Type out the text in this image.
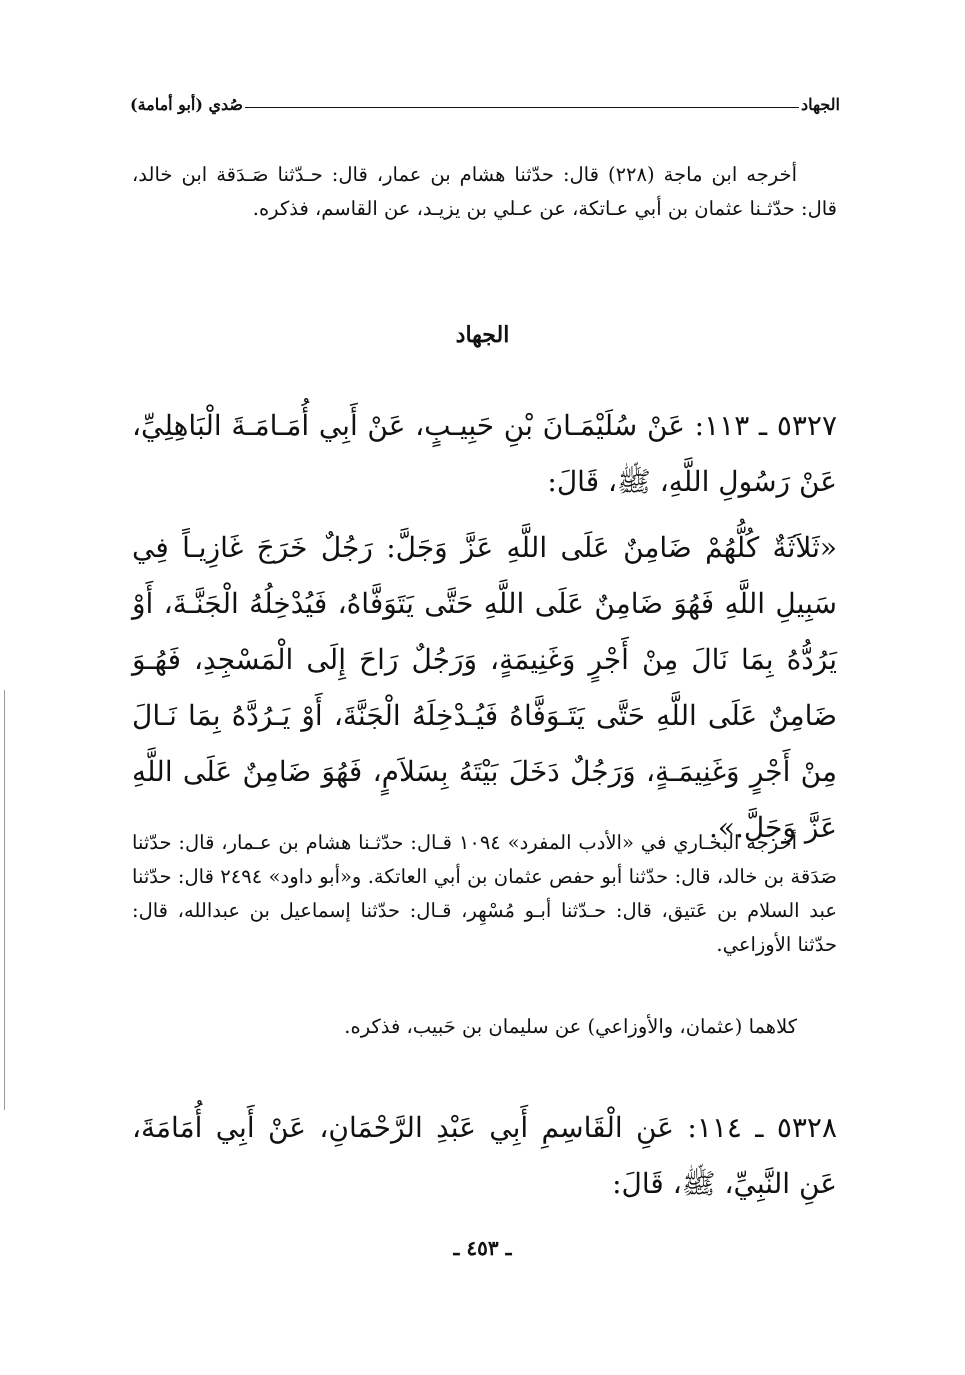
الجهاد
صُدي (أبو أمامة)

أخرجه ابن ماجة (٢٢٨) قال: حدّثنا هشام بن عمار، قال: حـدّثنا صَـدَقة ابن خالد، قال: حدّثـنا عثمان بن أبي عـاتكة، عن عـلي بن يزيـد، عن القاسم، فذكره.

الجهاد

٥٣٢٧ ـ ١١٣: عَنْ سُلَيْمَـانَ بْنِ حَبِيـبٍ، عَنْ أَبِي أُمَـامَـةَ الْبَاهِلِيِّ، عَنْ رَسُولِ اللَّهِ، ﷺ، قَالَ:

«ثَلاَثَةٌ كُلُّهُمْ ضَامِنٌ عَلَى اللَّهِ عَزَّ وَجَلَّ: رَجُلٌ خَرَجَ غَازِيـاً فِي سَبِيلِ اللَّهِ فَهُوَ ضَامِنٌ عَلَى اللَّهِ حَتَّى يَتَوَفَّاهُ، فَيُدْخِلُهُ الْجَنَّـةَ، أَوْ يَرُدُّهُ بِمَا نَالَ مِنْ أَجْرٍ وَغَنِيمَةٍ، وَرَجُلٌ رَاحَ إِلَى الْمَسْجِدِ، فَهُـوَ ضَامِنٌ عَلَى اللَّهِ حَتَّى يَتَـوَفَّاهُ فَيُـدْخِلَهُ الْجَنَّةَ، أَوْ يَـرُدَّهُ بِمَا نَـالَ مِنْ أَجْرٍ وَغَنِيمَـةٍ، وَرَجُلٌ دَخَلَ بَيْتَهُ بِسَلاَمٍ، فَهُوَ ضَامِنٌ عَلَى اللَّهِ عَزَّ وَجَلَّ.».

أخرجه البخـاري في «الأدب المفرد» ١٠٩٤ قـال: حدّثـنا هشام بن عـمار، قال: حدّثنا صَدَقة بن خالد، قال: حدّثنا أبو حفص عثمان بن أبي العاتكة. و«أبو داود» ٢٤٩٤ قال: حدّثنا عبد السلام بن عَتيق، قال: حـدّثنا أبـو مُسْهِر، قـال: حدّثنا إسماعيل بن عبدالله، قال: حدّثنا الأوزاعي.

كلاهما (عثمان، والأوزاعي) عن سليمان بن حَبيب، فذكره.

٥٣٢٨ ـ ١١٤: عَنِ الْقَاسِمِ أَبِي عَبْدِ الرَّحْمَانِ، عَنْ أَبِي أُمَامَةَ، عَنِ النَّبِيِّ، ﷺ، قَالَ:

ـ ٤٥٣ ـ
